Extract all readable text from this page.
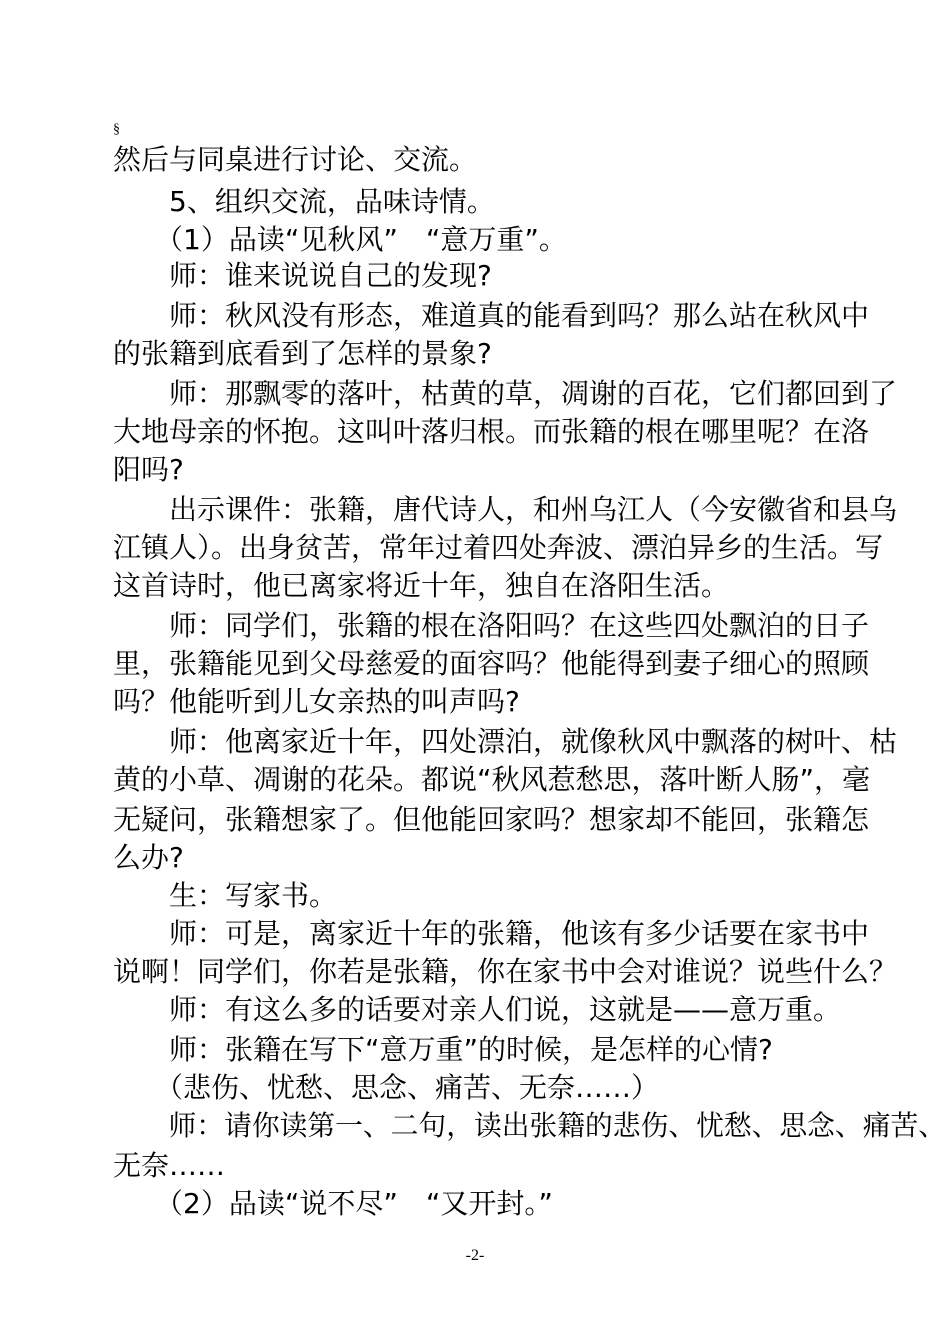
§
然后与同桌进行讨论、交流。
　　5、组织交流，品味诗情。
　　（1）品读“见秋风”　“意万重”。
　　师：谁来说说自己的发现?
　　师：秋风没有形态，难道真的能看到吗？那么站在秋风中
的张籍到底看到了怎样的景象?
　　师：那飘零的落叶，枯黄的草，凋谢的百花，它们都回到了
大地母亲的怀抱。这叫叶落归根。而张籍的根在哪里呢？在洛
阳吗?
　　出示课件：张籍，唐代诗人，和州乌江人（今安徽省和县乌
江镇人）。出身贫苦，常年过着四处奔波、漂泊异乡的生活。写
这首诗时，他已离家将近十年，独自在洛阳生活。
　　师：同学们，张籍的根在洛阳吗？在这些四处飘泊的日子
里，张籍能见到父母慈爱的面容吗？他能得到妻子细心的照顾
吗？他能听到儿女亲热的叫声吗?
　　师：他离家近十年，四处漂泊，就像秋风中飘落的树叶、枯
黄的小草、凋谢的花朵。都说“秋风惹愁思，落叶断人肠”，毫
无疑问，张籍想家了。但他能回家吗？想家却不能回，张籍怎
么办?
　　生：写家书。
　　师：可是，离家近十年的张籍，他该有多少话要在家书中
说啊！同学们，你若是张籍，你在家书中会对谁说？说些什么？
　　师：有这么多的话要对亲人们说，这就是——意万重。
　　师：张籍在写下“意万重”的时候，是怎样的心情?
　　（悲伤、忧愁、思念、痛苦、无奈……）
　　师：请你读第一、二句，读出张籍的悲伤、忧愁、思念、痛苦、
无奈……
　　（2）品读“说不尽”　“又开封。”
-2-
